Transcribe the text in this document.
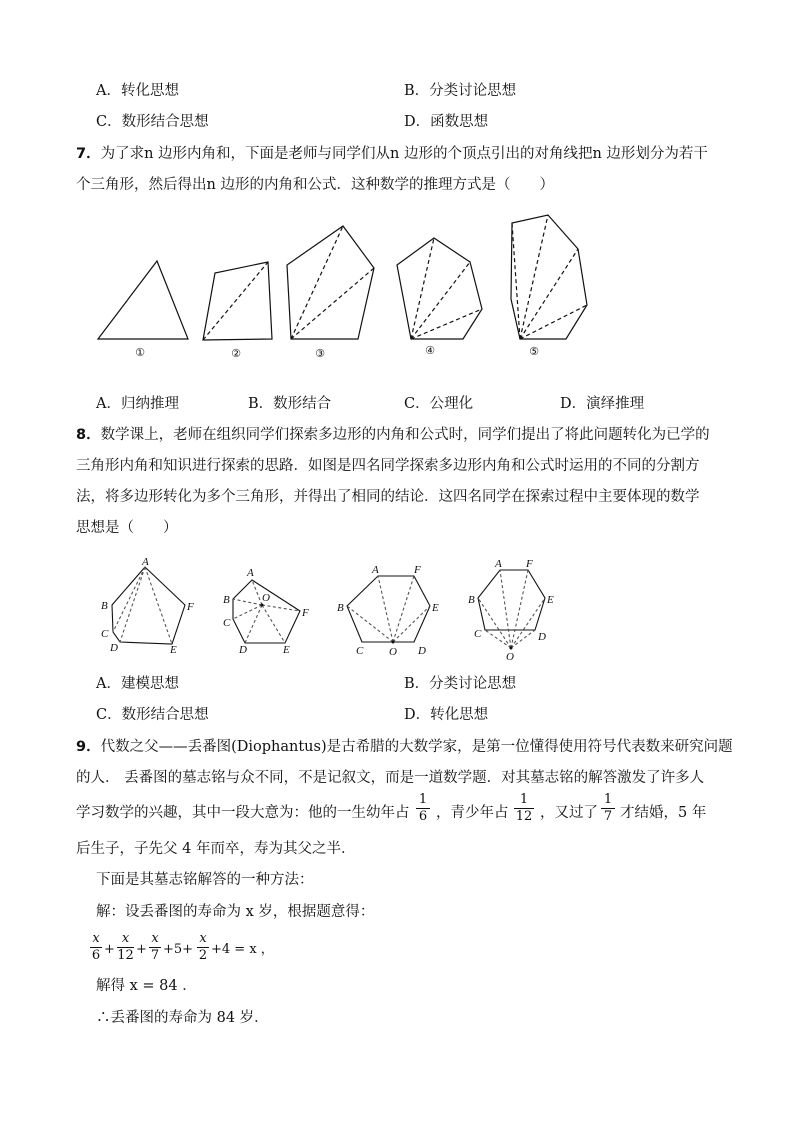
A．转化思想	B．分类讨论思想
C．数形结合思想	D．函数思想
7．为了求n 边形内角和，下面是老师与同学们从n 边形的个顶点引出的对角线把n 边形划分为若干
个三角形，然后得出n 边形的内角和公式．这种数学的推理方式是（　　）
①	②	③	④	⑤
A．归纳推理	B．数形结合	C．公理化	D．演绎推理
8．数学课上，老师在组织同学们探索多边形的内角和公式时，同学们提出了将此问题转化为已学的
三角形内角和知识进行探索的思路．如图是四名同学探索多边形内角和公式时运用的不同的分割方
法，将多边形转化为多个三角形，并得出了相同的结论．这四名同学在探索过程中主要体现的数学
思想是（　　）
A
B
C
D	E
F
A
B
C
D	E
F
O
A	F
B	E
C O D
A F
B	E
C	D
O
A．建模思想	B．分类讨论思想
C．数形结合思想	D．转化思想
9．代数之父——丢番图(Diophantus)是古希腊的大数学家，是第一位懂得使用符号代表数来研究问题
的人． 丢番图的墓志铭与众不同，不是记叙文，而是一道数学题．对其墓志铭的解答激发了许多人
学习数学的兴趣，其中一段大意为：他的一生幼年占
1
6 ，青少年占
1
12 ，又过了
1
7 才结婚，5 年
后生子，子先父 4 年而卒，寿为其父之半．
下面是其墓志铭解答的一种方法：
解：设丢番图的寿命为 x 岁，根据题意得：
x
6 +
x
12 +
x
7 +5+
x
2 +4 = x ，
解得 x = 84 ．
∴丢番图的寿命为 84 岁．
